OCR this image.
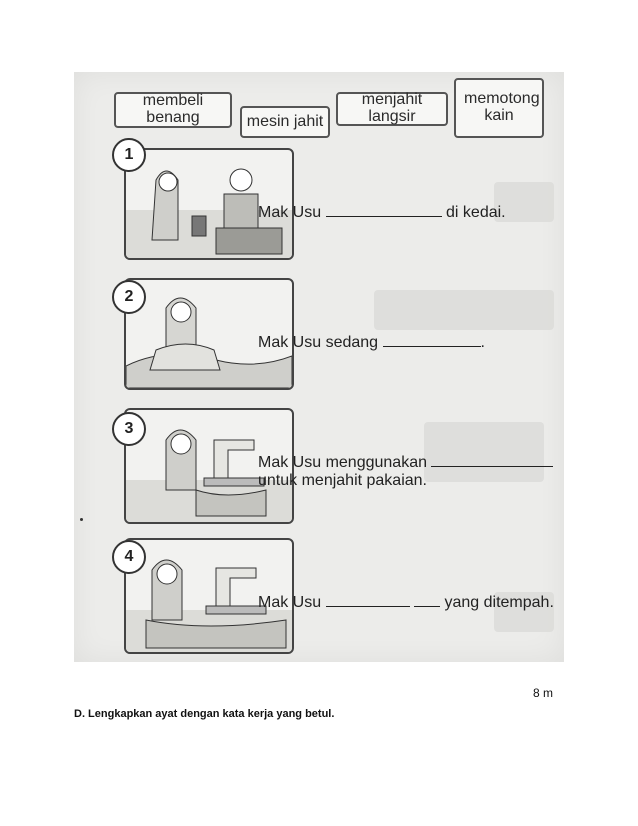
membeli benang	mesin jahit
menjahit langsir
memotong kain
1
2
3
4
Mak Usu	di kedai.
Mak Usu sedang	.
Mak Usu menggunakan
untuk menjahit pakaian.
Mak Usu	yang ditempah.
8 m
D. Lengkapkan ayat dengan kata kerja yang betul.
